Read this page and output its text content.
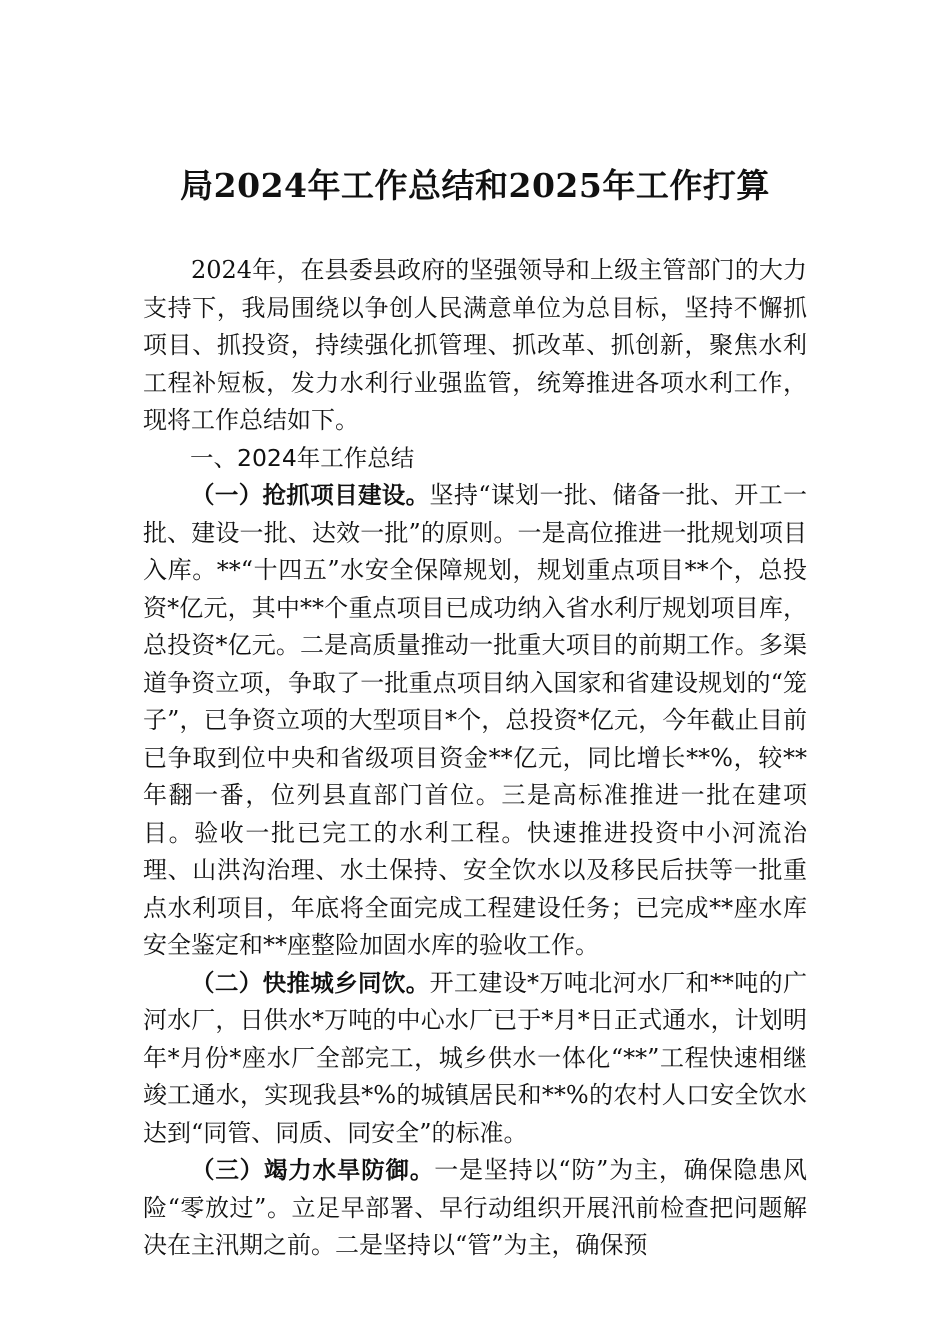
局2024年工作总结和2025年工作打算

2024年，在县委县政府的坚强领导和上级主管部门的大力支持下，我局围绕以争创人民满意单位为总目标，坚持不懈抓项目、抓投资，持续强化抓管理、抓改革、抓创新，聚焦水利工程补短板，发力水利行业强监管，统筹推进各项水利工作，现将工作总结如下。

一、2024年工作总结

（一）抢抓项目建设。坚持“谋划一批、储备一批、开工一批、建设一批、达效一批”的原则。一是高位推进一批规划项目入库。**“十四五”水安全保障规划，规划重点项目**个，总投资*亿元，其中**个重点项目已成功纳入省水利厅规划项目库，总投资*亿元。二是高质量推动一批重大项目的前期工作。多渠道争资立项，争取了一批重点项目纳入国家和省建设规划的“笼子”，已争资立项的大型项目*个，总投资*亿元，今年截止目前已争取到位中央和省级项目资金**亿元，同比增长**%，较**年翻一番，位列县直部门首位。三是高标准推进一批在建项目。验收一批已完工的水利工程。快速推进投资中小河流治理、山洪沟治理、水土保持、安全饮水以及移民后扶等一批重点水利项目，年底将全面完成工程建设任务；已完成**座水库安全鉴定和**座整险加固水库的验收工作。

（二）快推城乡同饮。开工建设*万吨北河水厂和**吨的广河水厂，日供水*万吨的中心水厂已于*月*日正式通水，计划明年*月份*座水厂全部完工，城乡供水一体化“**”工程快速相继竣工通水，实现我县*%的城镇居民和**%的农村人口安全饮水达到“同管、同质、同安全”的标准。

（三）竭力水旱防御。一是坚持以“防”为主，确保隐患风险“零放过”。立足早部署、早行动组织开展汛前检查把问题解决在主汛期之前。二是坚持以“管”为主，确保预
